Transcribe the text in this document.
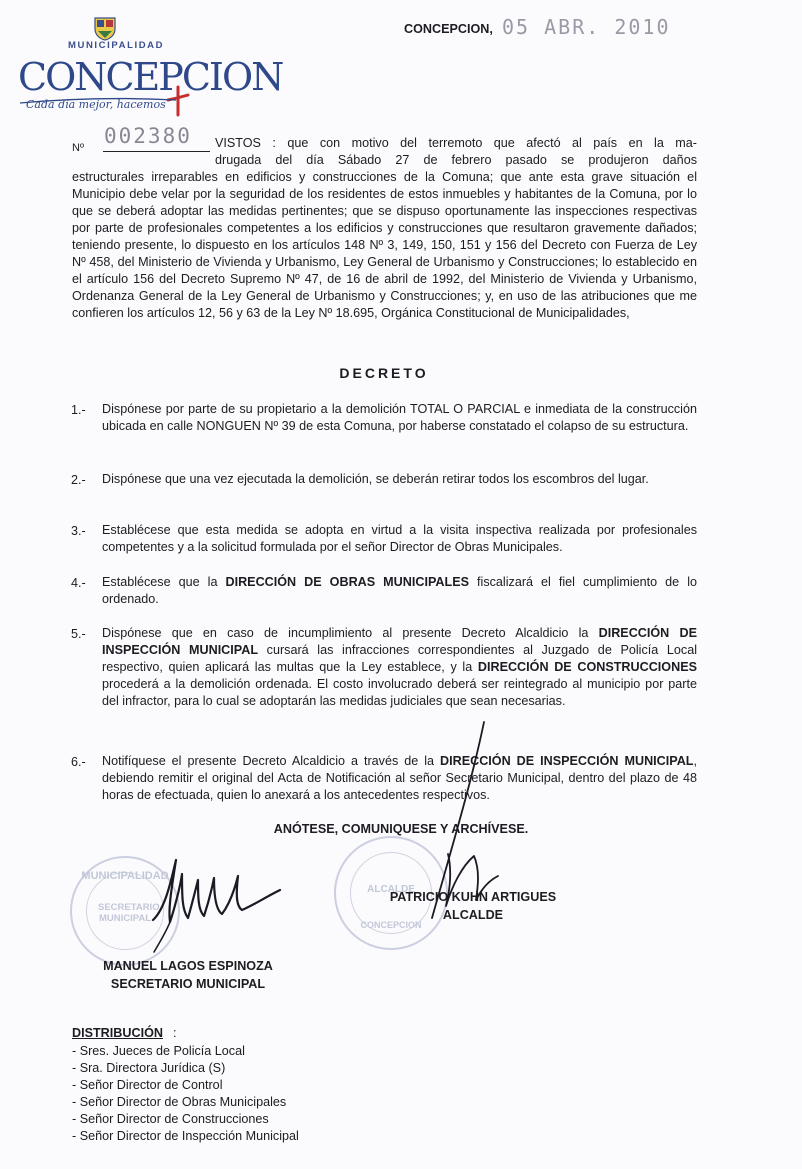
MUNICIPALIDAD
CONCEPCION
Cada día mejor, hacemos
CONCEPCION, 05 ABR. 2010
Nº 002380 VISTOS : que con motivo del terremoto que afectó al país en la ma-
drugada del día Sábado 27 de febrero pasado se produjeron daños
estructurales irreparables en edificios y construcciones de la Comuna; que ante esta grave situación el Municipio debe velar por la seguridad de los residentes de estos inmuebles y habitantes de la Comuna, por lo que se deberá adoptar las medidas pertinentes; que se dispuso oportunamente las inspecciones respectivas por parte de profesionales competentes a los edificios y construcciones que resultaron gravemente dañados; teniendo presente, lo dispuesto en los artículos 148 Nº 3, 149, 150, 151 y 156 del Decreto con Fuerza de Ley Nº 458, del Ministerio de Vivienda y Urbanismo, Ley General de Urbanismo y Construcciones; lo establecido en el artículo 156 del Decreto Supremo Nº 47, de 16 de abril de 1992, del Ministerio de Vivienda y Urbanismo, Ordenanza General de la Ley General de Urbanismo y Construcciones; y, en uso de las atribuciones que me confieren los artículos 12, 56 y 63 de la Ley Nº 18.695, Orgánica Constitucional de Municipalidades,
DECRETO
1.-	Dispónese por parte de su propietario a la demolición TOTAL O PARCIAL e inmediata de la construcción ubicada en calle NONGUEN Nº 39 de esta Comuna, por haberse constatado el colapso de su estructura.
2.-	Dispónese que una vez ejecutada la demolición, se deberán retirar todos los escombros del lugar.
3.-	Establécese que esta medida se adopta en virtud a la visita inspectiva realizada por profesionales competentes y a la solicitud formulada por el señor Director de Obras Municipales.
4.-	Establécese que la DIRECCIÓN DE OBRAS MUNICIPALES fiscalizará el fiel cumplimiento de lo ordenado.
5.-	Dispónese que en caso de incumplimiento al presente Decreto Alcaldicio la DIRECCIÓN DE INSPECCIÓN MUNICIPAL cursará las infracciones correspondientes al Juzgado de Policía Local respectivo, quien aplicará las multas que la Ley establece, y la DIRECCIÓN DE CONSTRUCCIONES procederá a la demolición ordenada. El costo involucrado deberá ser reintegrado al municipio por parte del infractor, para lo cual se adoptarán las medidas judiciales que sean necesarias.
6.-	Notifíquese el presente Decreto Alcaldicio a través de la DIRECCIÓN DE INSPECCIÓN MUNICIPAL, debiendo remitir el original del Acta de Notificación al señor Secretario Municipal, dentro del plazo de 48 horas de efectuada, quien lo anexará a los antecedentes respectivos.
ANÓTESE, COMUNIQUESE Y ARCHÍVESE.
MUNICIPALIDAD
SECRETARIO MUNICIPAL
ALCALDE
CONCEPCION
MANUEL LAGOS ESPINOZA
SECRETARIO MUNICIPAL
PATRICIO KUHN ARTIGUES
ALCALDE
DISTRIBUCIÓN :
- Sres. Jueces de Policía Local
- Sra. Directora Jurídica (S)
- Señor Director de Control
- Señor Director de Obras Municipales
- Señor Director de Construcciones
- Señor Director de Inspección Municipal
